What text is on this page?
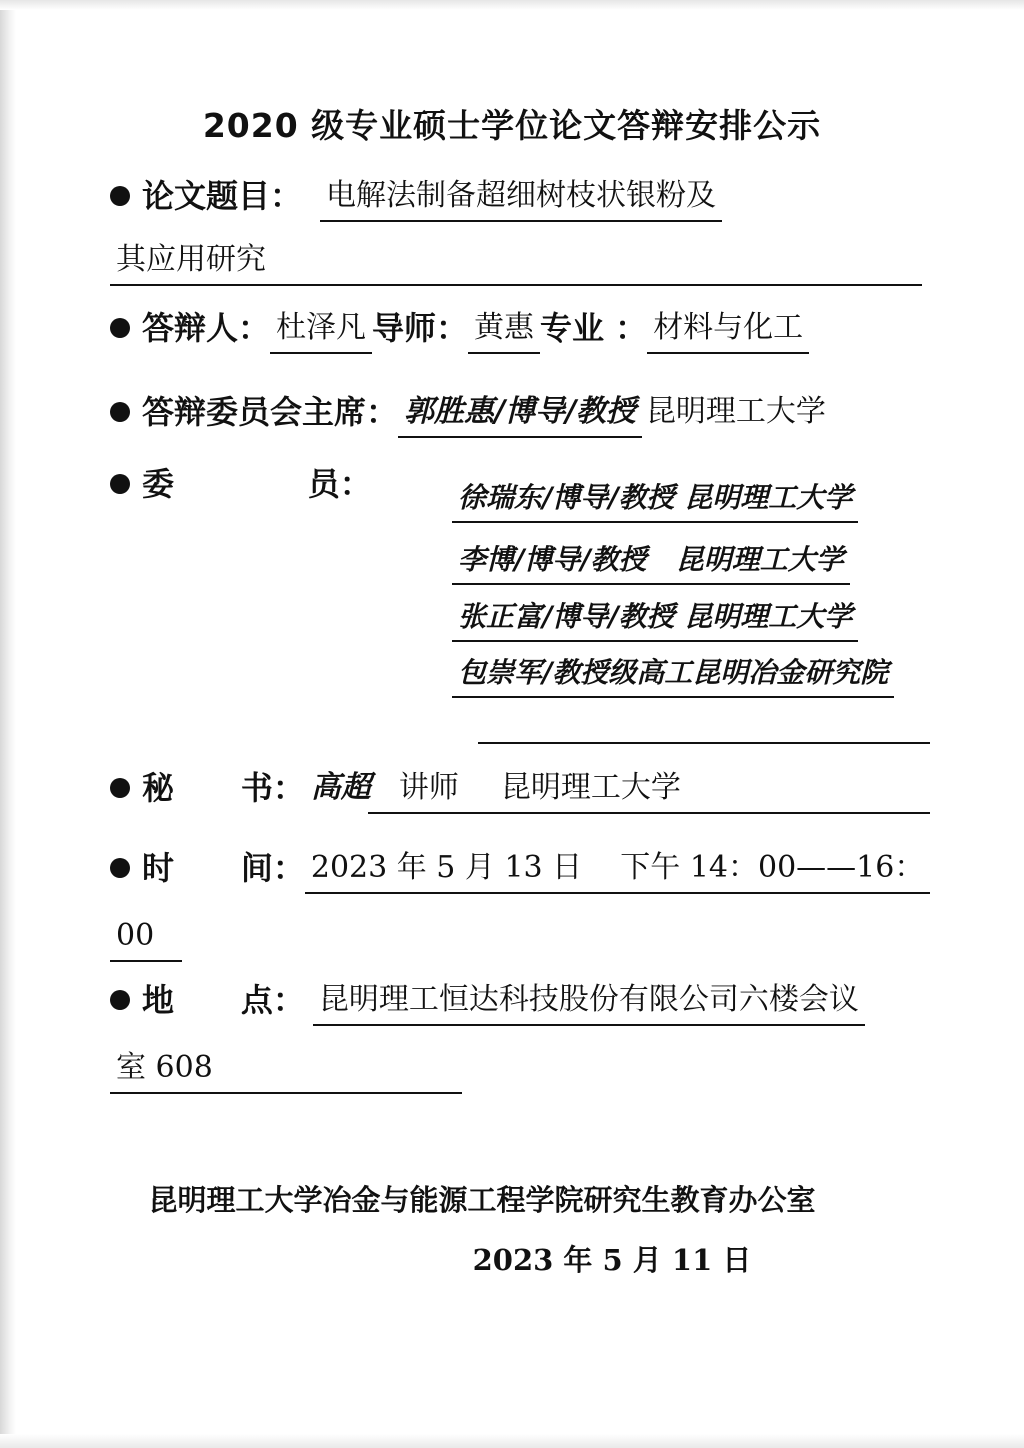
2020 级专业硕士学位论文答辩安排公示
论文题目： 电解法制备超细树枝状银粉及
其应用研究
答辩人： 杜泽凡 导师： 黄惠 专业 ： 材料与化工
答辩委员会主席： 郭胜惠/博导/教授 昆明理工大学
委            员：	徐瑞东/博导/教授 昆明理工大学
李博/博导/教授   昆明理工大学
张正富/博导/教授 昆明理工大学
包崇军/教授级高工昆明冶金研究院
秘      书： 高超 讲师 昆明理工大学
时      间： 2023 年 5 月 13 日    下午 14：00——16：
00
地      点： 昆明理工恒达科技股份有限公司六楼会议
室 608
昆明理工大学冶金与能源工程学院研究生教育办公室
2023 年 5 月 11 日
